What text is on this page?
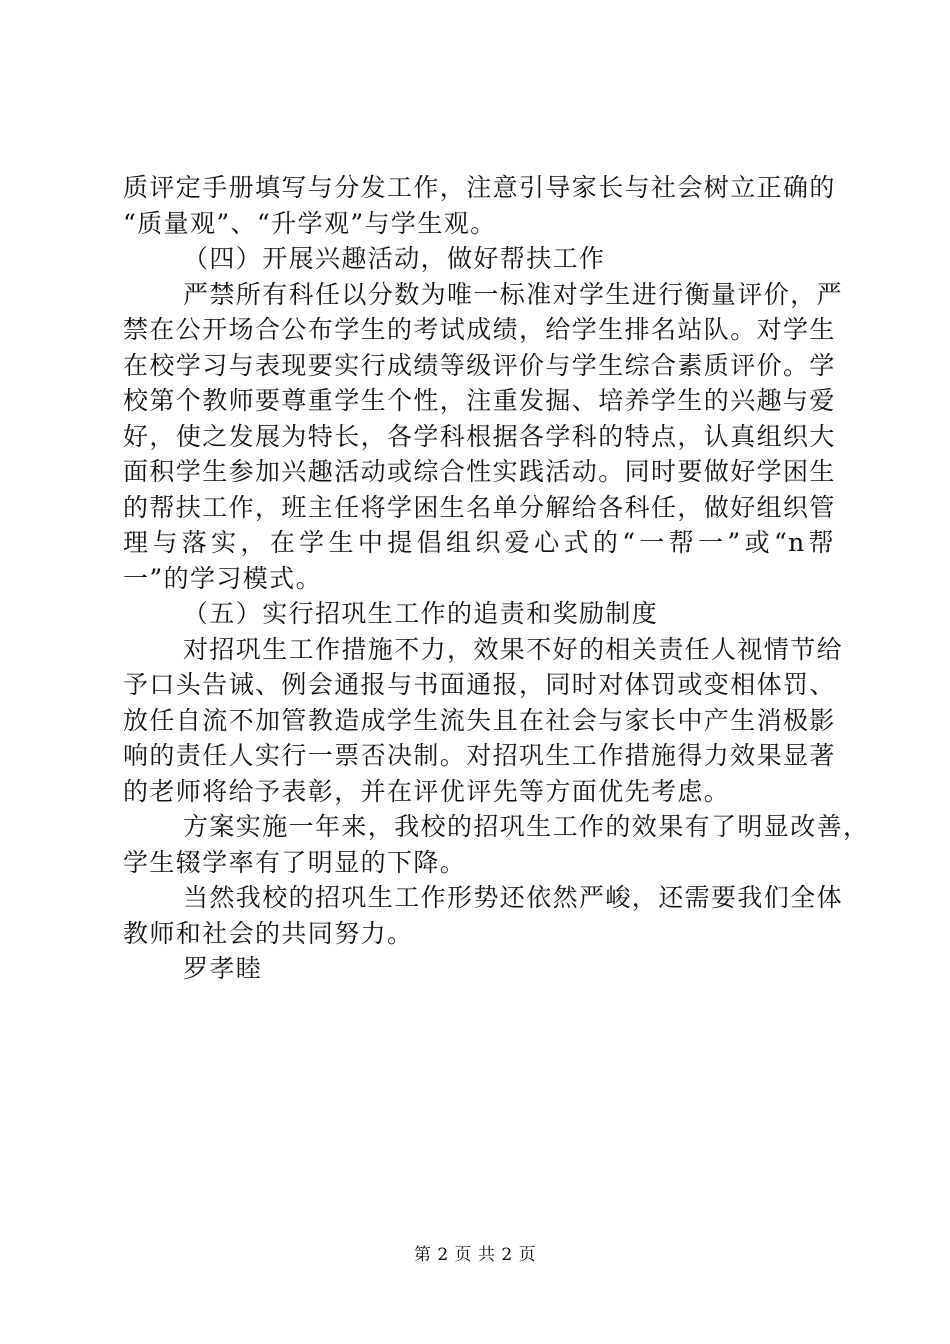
质评定手册填写与分发工作，注意引导家长与社会树立正确的
“质量观”、“升学观”与学生观。
（四）开展兴趣活动，做好帮扶工作
严禁所有科任以分数为唯一标准对学生进行衡量评价，严
禁在公开场合公布学生的考试成绩，给学生排名站队。对学生
在校学习与表现要实行成绩等级评价与学生综合素质评价。学
校第个教师要尊重学生个性，注重发掘、培养学生的兴趣与爱
好，使之发展为特长，各学科根据各学科的特点，认真组织大
面积学生参加兴趣活动或综合性实践活动。同时要做好学困生
的帮扶工作，班主任将学困生名单分解给各科任，做好组织管
理与落实，在学生中提倡组织爱心式的“一帮一”或“n帮
一”的学习模式。
（五）实行招巩生工作的追责和奖励制度
对招巩生工作措施不力，效果不好的相关责任人视情节给
予口头告诫、例会通报与书面通报，同时对体罚或变相体罚、
放任自流不加管教造成学生流失且在社会与家长中产生消极影
响的责任人实行一票否决制。对招巩生工作措施得力效果显著
的老师将给予表彰，并在评优评先等方面优先考虑。
方案实施一年来，我校的招巩生工作的效果有了明显改善，
学生辍学率有了明显的下降。
当然我校的招巩生工作形势还依然严峻，还需要我们全体
教师和社会的共同努力。
罗孝睦
第 2 页 共 2 页
